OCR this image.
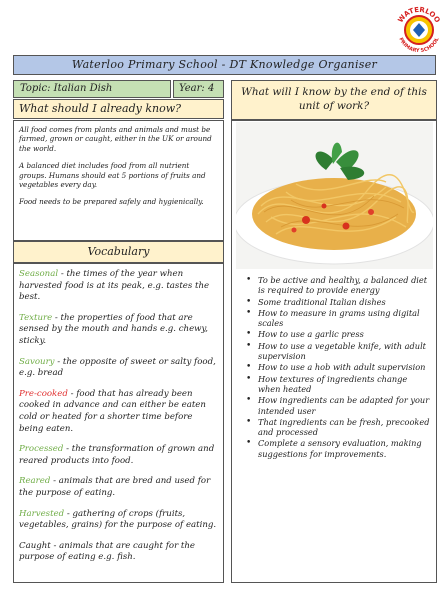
WATERLOO
PRIMARY SCHOOL
Waterloo Primary School - DT Knowledge Organiser
Topic: Italian Dish	Year: 4
What should I already know?

All food comes from plants and animals and must be farmed, grown or caught, either in the UK or around the world.

A balanced diet includes food from all nutrient groups. Humans should eat 5 portions of fruits and vegetables every day.

Food needs to be prepared safely and hygienically.

Vocabulary

Seasonal - the times of the year when harvested food is at its peak, e.g. tastes the best.

Texture - the properties of food that are sensed by the mouth and hands e.g. chewy, sticky.

Savoury - the opposite of sweet or salty food, e.g. bread

Pre-cooked - food that has already been cooked in advance and can either be eaten cold or heated for a shorter time before being eaten.

Processed - the transformation of grown and reared products into food.

Reared - animals that are bred and used for the purpose of eating.

Harvested - gathering of crops (fruits, vegetables, grains) for the purpose of eating.

Caught - animals that are caught for the purpose of eating e.g. fish.

What will I know by the end of this unit of work?
• To be active and healthy, a balanced diet is required to provide energy
• Some traditional Italian dishes
• How to measure in grams using digital scales
• How to use a garlic press
• How to use a vegetable knife, with adult supervision
• How to use a hob with adult supervision
• How textures of ingredients change when heated
• How ingredients can be adapted for your intended user
• That ingredients can be fresh, precooked and processed
• Complete a sensory evaluation, making suggestions for improvements.
